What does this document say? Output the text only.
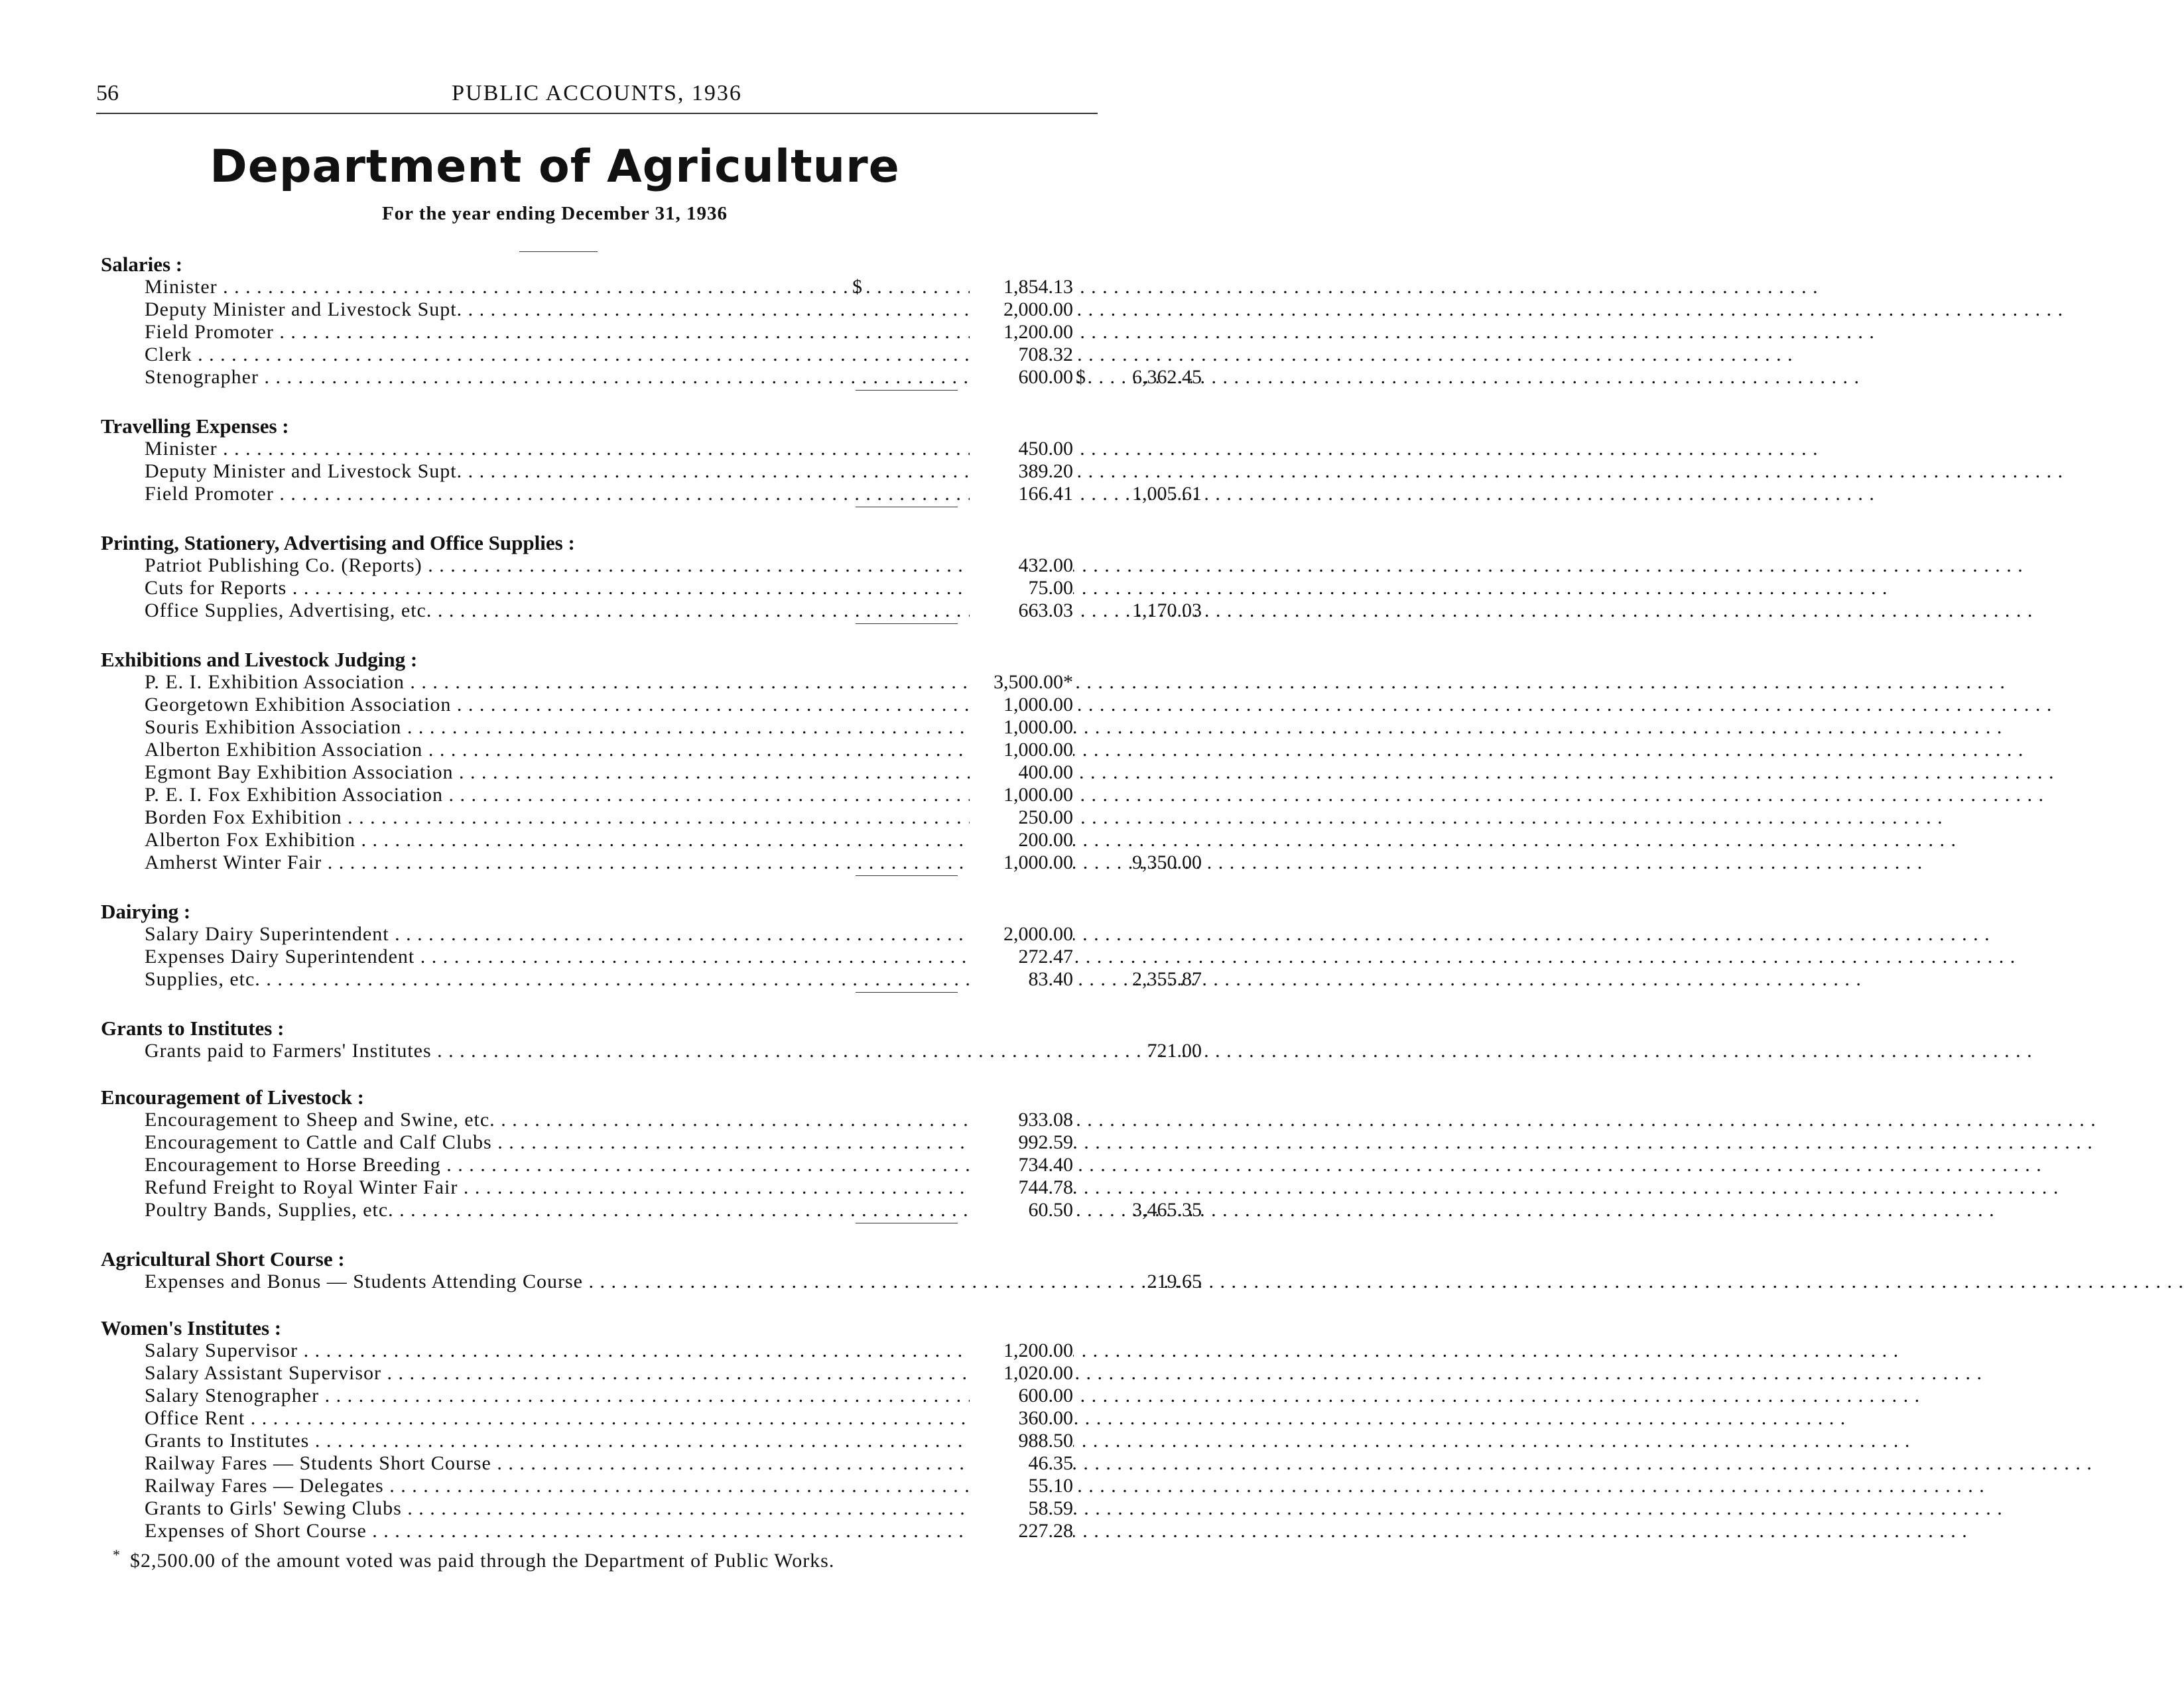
56	PUBLIC ACCOUNTS, 1936
Department of Agriculture
For the year ending December 31, 1936
Salaries :
Minister . . .	$	1,854.13
Deputy Minister and Livestock Supt. . . .	2,000.00
Field Promoter . . .	1,200.00
Clerk . . .	708.32
Stenographer . . .	600.00 $	6,362.45
Travelling Expenses :
Minister . . .	450.00
Deputy Minister and Livestock Supt. . . .	389.20
Field Promoter . . .	166.41	1,005.61
Printing, Stationery, Advertising and Office Supplies :
Patriot Publishing Co. (Reports) . . .	432.00
Cuts for Reports . . .	75.00
Office Supplies, Advertising, etc. . . .	663.03	1,170.03
Exhibitions and Livestock Judging :
P. E. I. Exhibition Association . . .	3,500.00*
Georgetown Exhibition Association . . .	1,000.00
Souris Exhibition Association . . .	1,000.00
Alberton Exhibition Association . . .	1,000.00
Egmont Bay Exhibition Association . . .	400.00
P. E. I. Fox Exhibition Association . . .	1,000.00
Borden Fox Exhibition . . .	250.00
Alberton Fox Exhibition . . .	200.00
Amherst Winter Fair . . .	1,000.00	9,350.00
Dairying :
Salary Dairy Superintendent . . .	2,000.00
Expenses Dairy Superintendent . . .	272.47
Supplies, etc. . . .	83.40	2,355.87
Grants to Institutes :
Grants paid to Farmers' Institutes . . .	721.00
Encouragement of Livestock :
Encouragement to Sheep and Swine, etc. . . .	933.08
Encouragement to Cattle and Calf Clubs . . .	992.59
Encouragement to Horse Breeding . . .	734.40
Refund Freight to Royal Winter Fair . . .	744.78
Poultry Bands, Supplies, etc. . . .	60.50	3,465.35
Agricultural Short Course :
Expenses and Bonus — Students Attending Course . . .	219.65
Women's Institutes :
Salary Supervisor . . .	1,200.00
Salary Assistant Supervisor . . .	1,020.00
Salary Stenographer . . .	600.00
Office Rent . . .	360.00
Grants to Institutes . . .	988.50
Railway Fares — Students Short Course . . .	46.35
Railway Fares — Delegates . . .	55.10
Grants to Girls' Sewing Clubs . . .	58.59
Expenses of Short Course . . .	227.28
* $2,500.00 of the amount voted was paid through the Department of Public Works.
